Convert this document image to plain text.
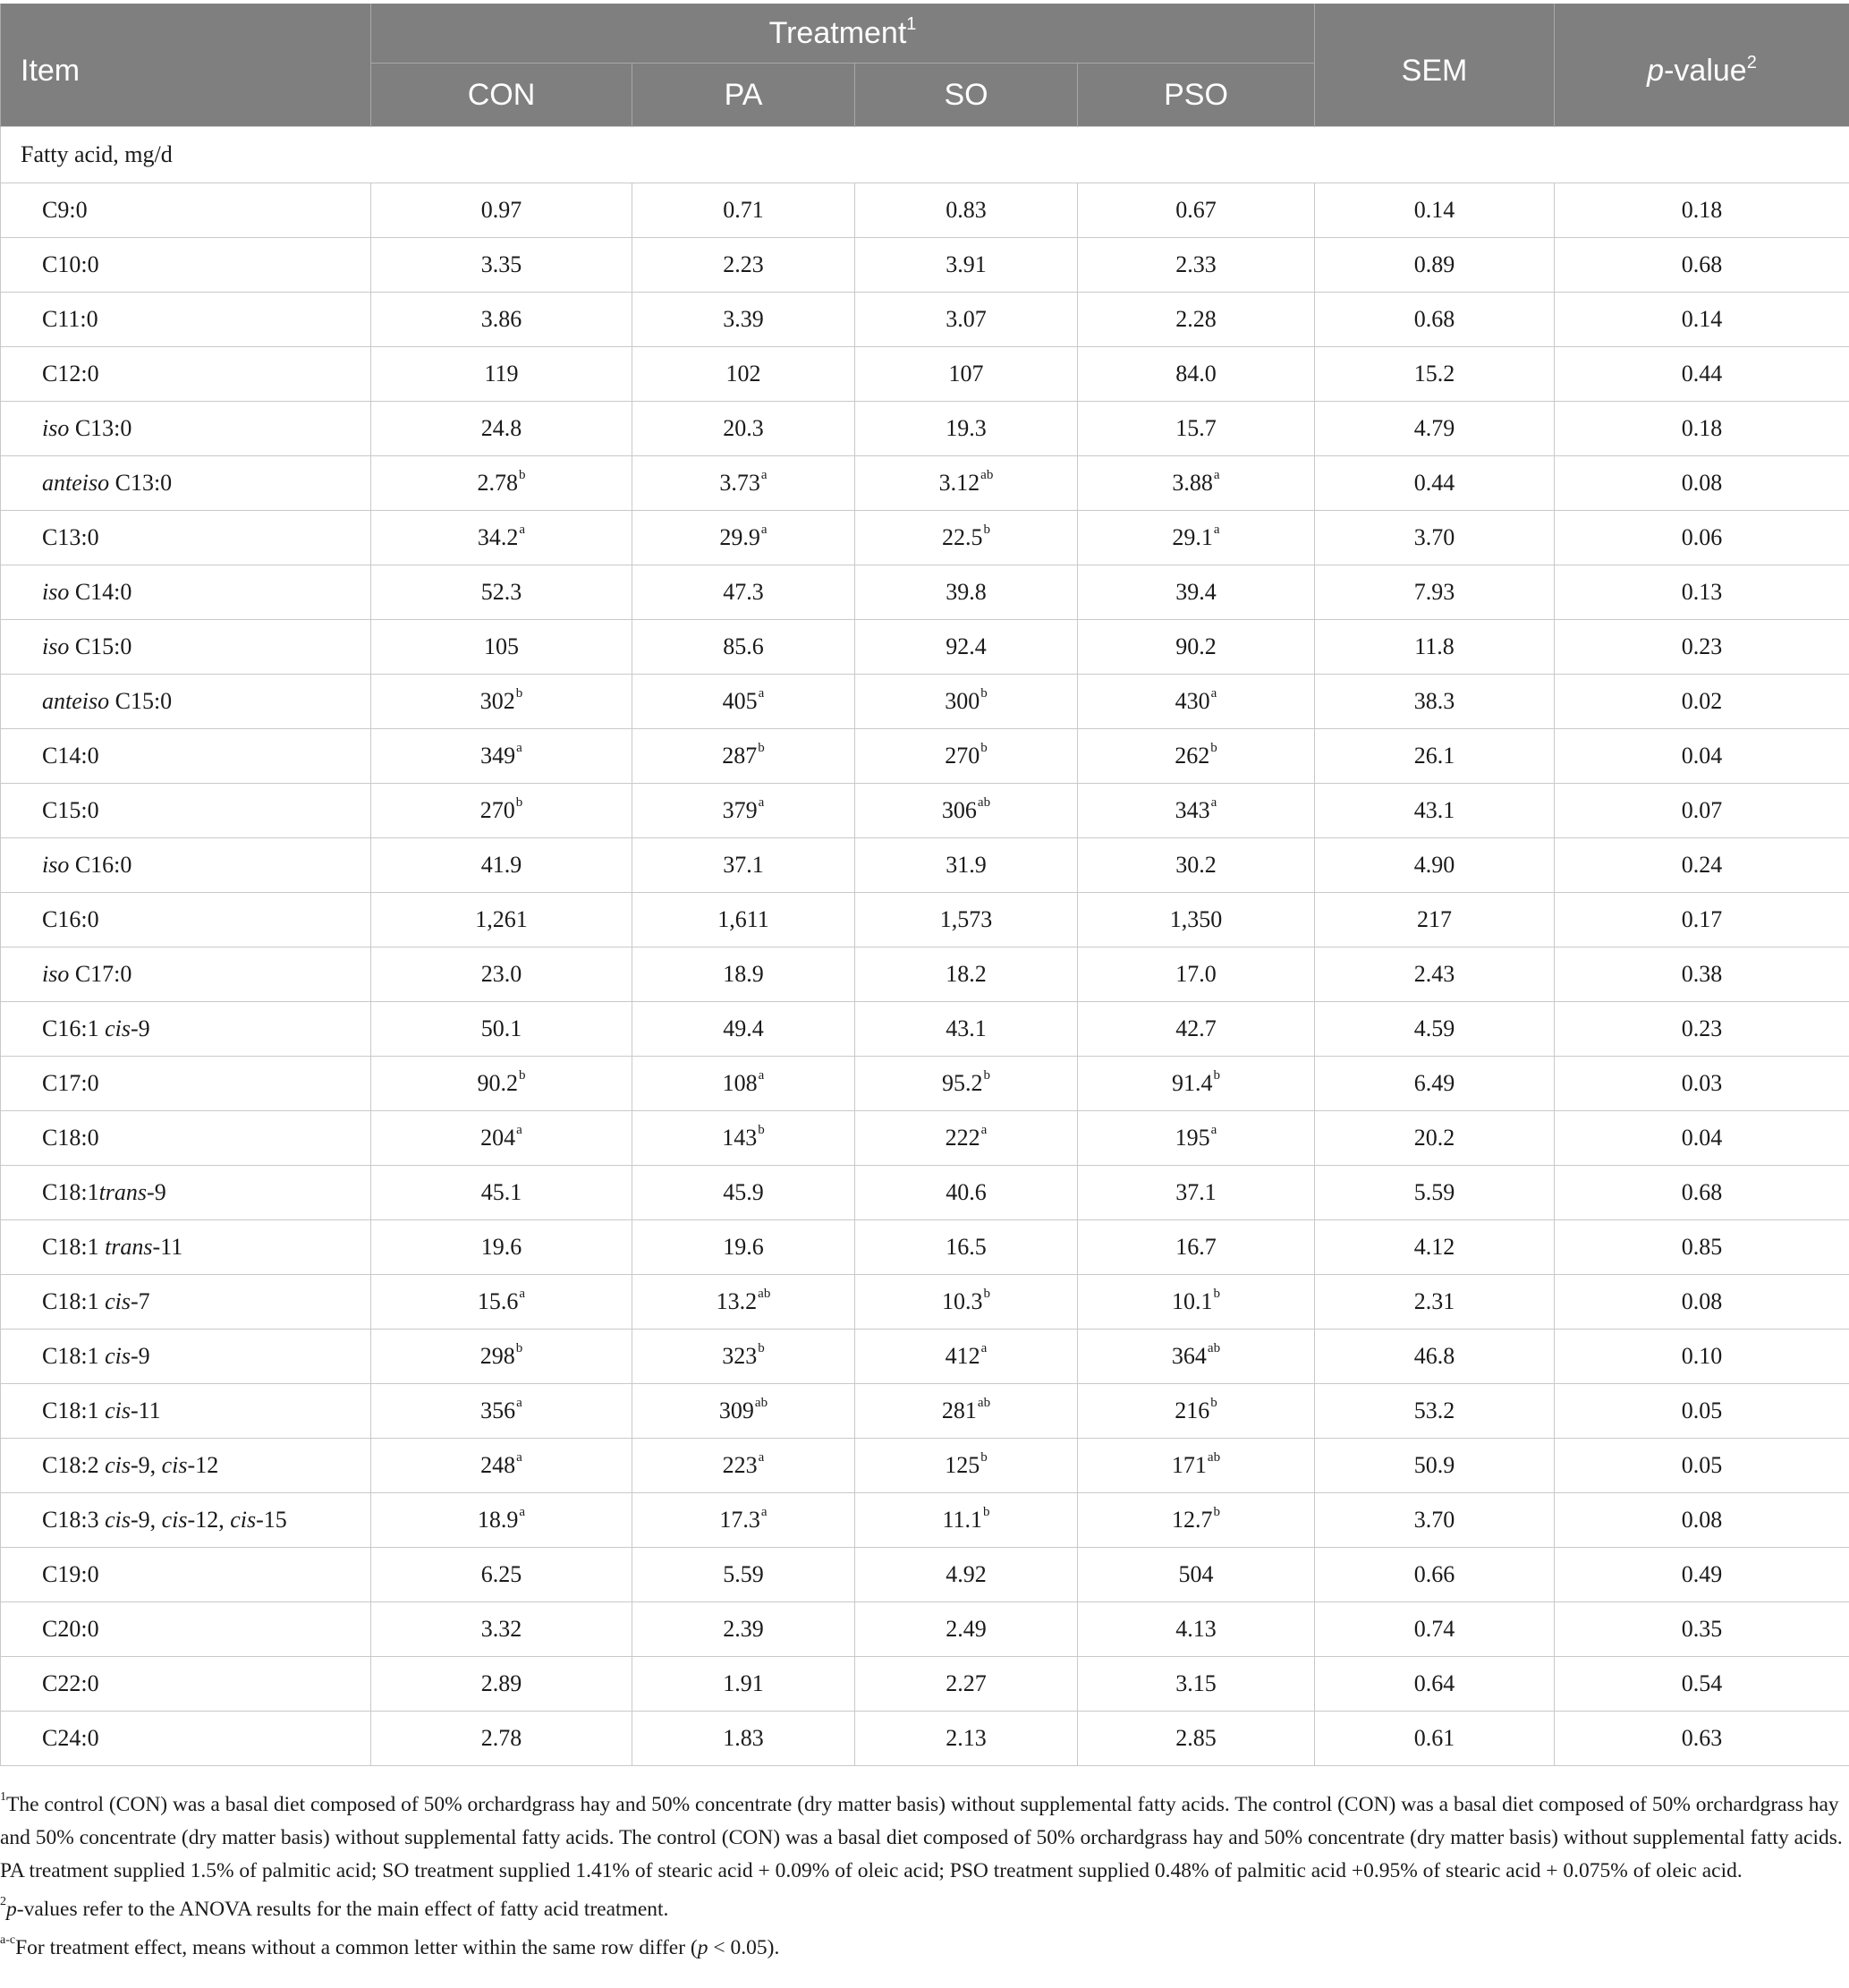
Item	Treatment$^1$				SEM	p-value$^2$
	CON	PA	SO	PSO		
Fatty acid, mg/d						
C9:0	0.97	0.71	0.83	0.67	0.14	0.18
C10:0	3.35	2.23	3.91	2.33	0.89	0.68
C11:0	3.86	3.39	3.07	2.28	0.68	0.14
C12:0	119	102	107	84.0	15.2	0.44
iso C13:0	24.8	20.3	19.3	15.7	4.79	0.18
anteiso C13:0	2.78$^b$	3.73$^a$	3.12$^{ab}$	3.88$^a$	0.44	0.08
C13:0	34.2$^a$	29.9$^a$	22.5$^b$	29.1$^a$	3.70	0.06
iso C14:0	52.3	47.3	39.8	39.4	7.93	0.13
iso C15:0	105	85.6	92.4	90.2	11.8	0.23
anteiso C15:0	302$^b$	405$^a$	300$^b$	430$^a$	38.3	0.02
C14:0	349$^a$	287$^b$	270$^b$	262$^b$	26.1	0.04
C15:0	270$^b$	379$^a$	$306^{ab}$	343$^a$	43.1	0.07
iso C16:0	41.9	37.1	31.9	30.2	4.90	0.24
C16:0	1,261	1,611	1,573	1,350	217	0.17
iso C17:0	23.0	18.9	18.2	17.0	2.43	0.38
C16:1 cis-9	50.1	49.4	43.1	42.7	4.59	0.23
C17:0	90.2$^b$	108$^a$	95.2$^b$	91.4$^b$	6.49	0.03
C18:0	204$^a$	143$^b$	222$^a$	195$^a$	20.2	0.04
C18:1trans-9	45.1	45.9	40.6	37.1	5.59	0.68
C18:1 trans-11	19.6	19.6	16.5	16.7	4.12	0.85
C18:1 cis-7	15.6$^a$	13.2$^{ab}$	10.3$^b$	10.1$^b$	2.31	0.08
C18:1 cis-9	298$^b$	323$^b$	412$^a$	$364^{ab}$	46.8	0.10
C18:1 cis-11	356$^a$	$309^{ab}$	$281^{ab}$	216$^b$	53.2	0.05
C18:2 cis-9, cis-12	248$^a$	223$^a$	125$^b$	$171^{ab}$	50.9	0.05
C18:3 cis-9, cis-12, cis-15	18.9$^a$	17.3$^a$	11.1$^b$	12.7$^b$	3.70	0.08
C19:0	6.25	5.59	4.92	504	0.66	0.49
C20:0	3.32	2.39	2.49	4.13	0.74	0.35
C22:0	2.89	1.91	2.27	3.15	0.64	0.54
C24:0	2.78	1.83	2.13	2.85	0.61	0.63

$^1$The control (CON) was a basal diet composed of 50% orchardgrass hay and 50% concentrate (dry matter basis) without supplemental fatty acids. The control (CON) was a basal diet composed of 50% orchardgrass hay and 50% concentrate (dry matter basis) without supplemental fatty acids. The control (CON) was a basal diet composed of 50% orchardgrass hay and 50% concentrate (dry matter basis) without supplemental fatty acids. PA treatment supplied 1.5% of palmitic acid; SO treatment supplied 1.41% of stearic acid + 0.09% of oleic acid; PSO treatment supplied 0.48% of palmitic acid +0.95% of stearic acid + 0.075% of oleic acid.

$^2$p-values refer to the ANOVA results for the main effect of fatty acid treatment.

$^{a-c}$For treatment effect, means without a common letter within the same row differ (p < 0.05).
